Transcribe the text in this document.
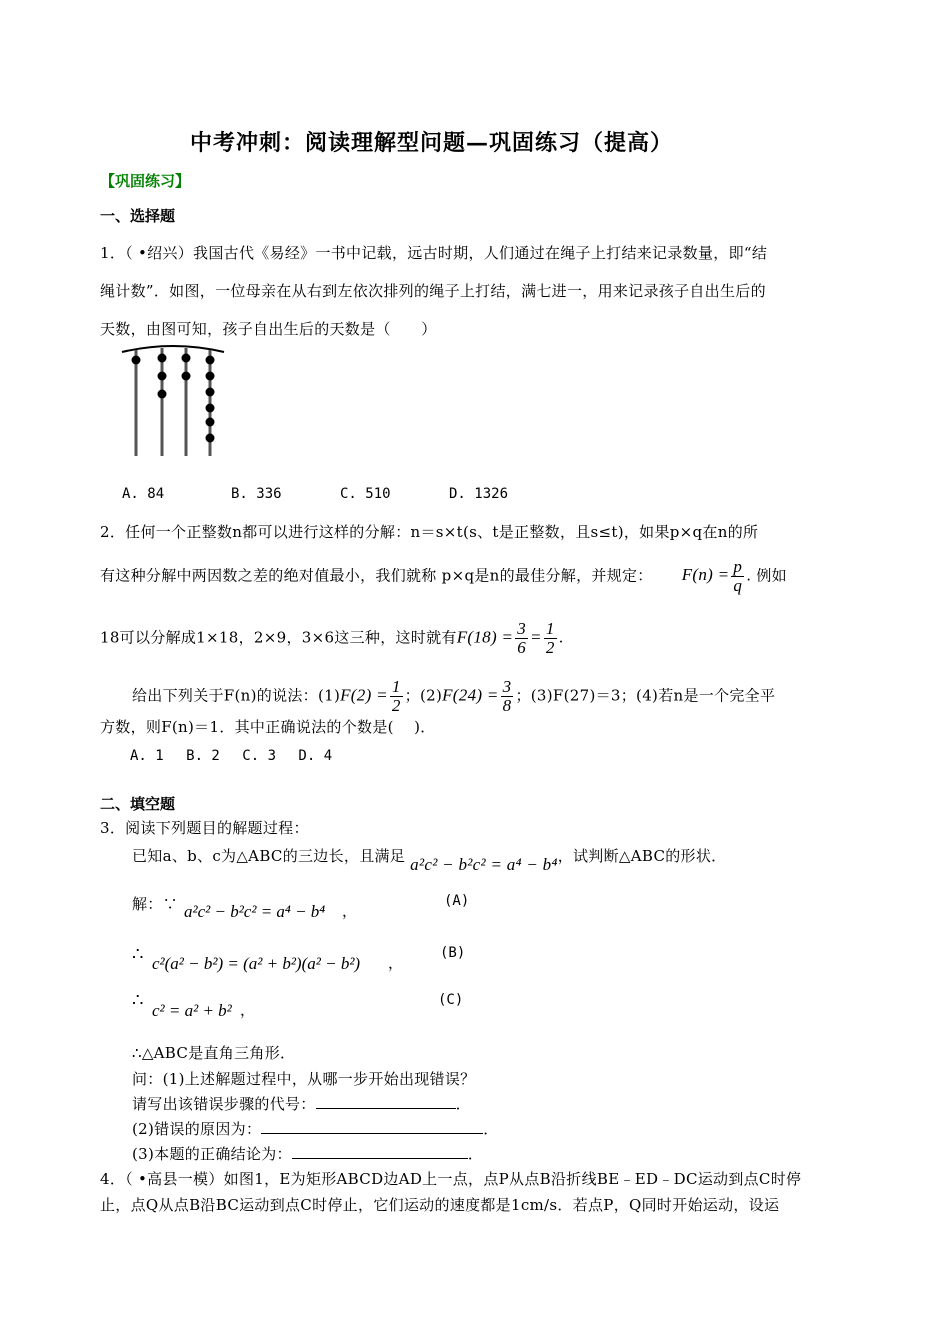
中考冲刺：阅读理解型问题—巩固练习（提高）
【巩固练习】
一、选择题
1．（ •绍兴）我国古代《易经》一书中记载，远古时期，人们通过在绳子上打结来记录数量，即“结
绳计数”．如图，一位母亲在从右到左依次排列的绳子上打结，满七进一，用来记录孩子自出生后的
天数，由图可知，孩子自出生后的天数是（　　）
A. 84	B. 336	C. 510	D. 1326
2．任何一个正整数n都可以进行这样的分解：n＝s×t(s、t是正整数，且s≤t)，如果p×q在n的所
有这种分解中两因数之差的绝对值最小，我们就称 p×q是n的最佳分解，并规定： $F(n) = \frac{p}{q}$ . 例如
18可以分解成1×18，2×9，3×6这三种，这时就有$F(18) = \frac{3}{6} = \frac{1}{2}$ .
给出下列关于F(n)的说法：$(1)F(2) = \frac{1}{2}$ ；$(2)F(24) = \frac{3}{8}$ ；(3)F(27)＝3；(4)若n是一个完全平
方数，则F(n)＝1．其中正确说法的个数是(　 )．
A. 1　 B. 2　 C. 3　 D. 4
二、填空题
3．阅读下列题目的解题过程：
已知a、b、c为△ABC的三边长，且满足 a²c² − b²c² = a⁴ − b⁴，试判断△ABC的形状．
解：∵ a²c² − b²c² = a⁴ − b⁴ ，
(A)
∴ c²(a² − b²) = (a² + b²)(a² − b²) ，
(B)
∴ c² = a² + b² ，
(C)
∴△ABC是直角三角形．
问：(1)上述解题过程中，从哪一步开始出现错误？
请写出该错误步骤的代号：	．
(2)错误的原因为：	．
(3)本题的正确结论为：	．
4．（ •高县一模）如图1，E为矩形ABCD边AD上一点，点P从点B沿折线BE﹣ED﹣DC运动到点C时停
止，点Q从点B沿BC运动到点C时停止，它们运动的速度都是1cm/s．若点P，Q同时开始运动，设运
